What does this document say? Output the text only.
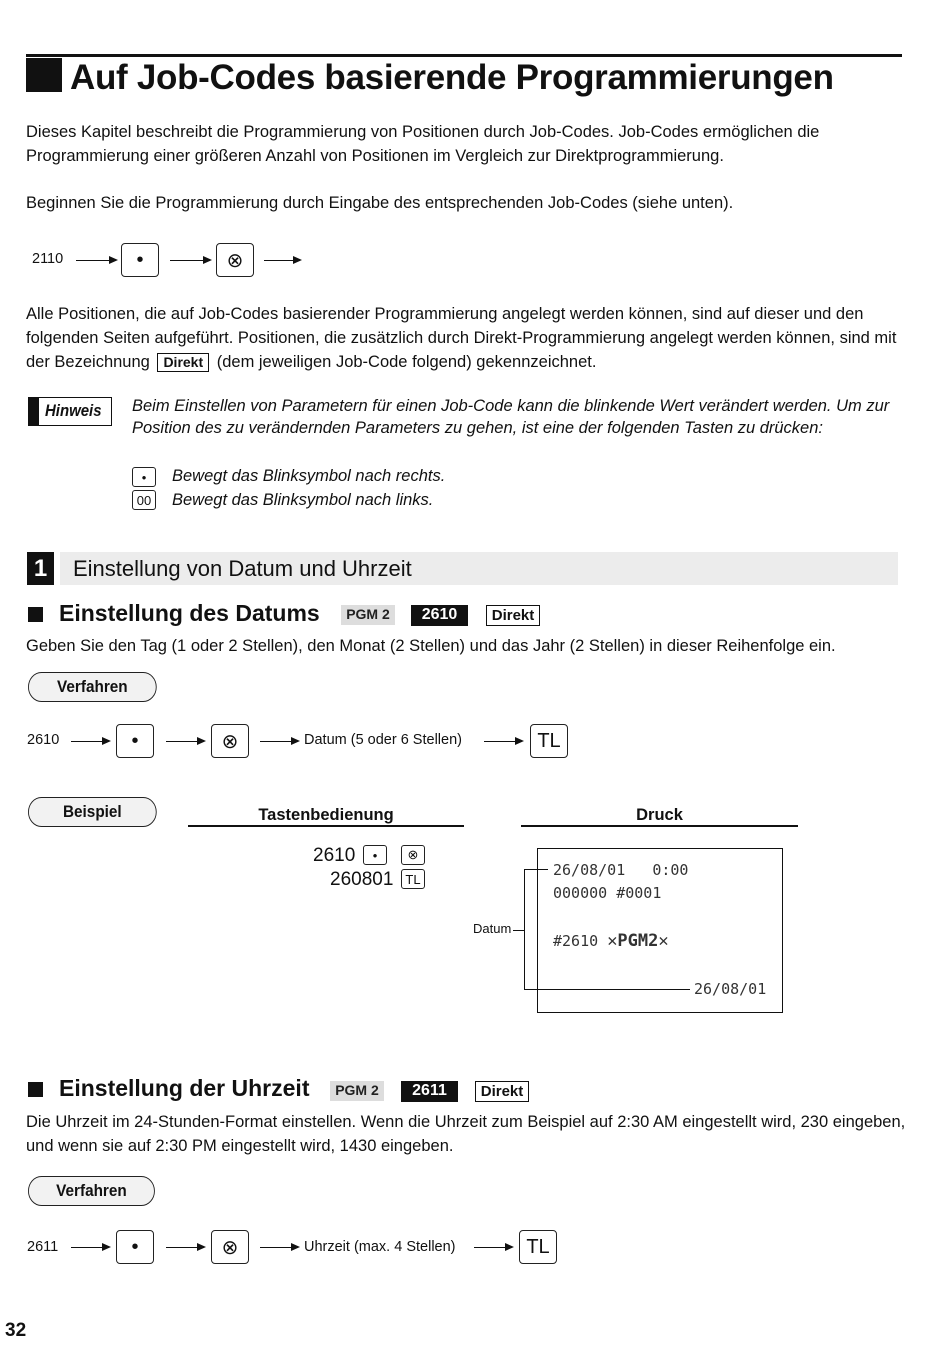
Auf Job-Codes basierende Programmierungen
Dieses Kapitel beschreibt die Programmierung von Positionen durch Job-Codes. Job-Codes ermöglichen die Programmierung einer größeren Anzahl von Positionen im Vergleich zur Direktprogrammierung.
Beginnen Sie die Programmierung durch Eingabe des entsprechenden Job-Codes (siehe unten).
2110	•	⊗
Alle Positionen, die auf Job-Codes basierender Programmierung angelegt werden können, sind auf dieser und den folgenden Seiten aufgeführt. Positionen, die zusätzlich durch Direkt-Programmierung angelegt werden können, sind mit der Bezeichnung Direkt (dem jeweiligen Job-Code folgend) gekennzeichnet.
Hinweis Beim Einstellen von Parametern für einen Job-Code kann die blinkende Wert verändert werden. Um zur Position des zu verändernden Parameters zu gehen, ist eine der folgenden Tasten zu drücken:
•	Bewegt das Blinksymbol nach rechts.
00 Bewegt das Blinksymbol nach links.
1	Einstellung von Datum und Uhrzeit
Einstellung des Datums	PGM 2	2610	Direkt
Geben Sie den Tag (1 oder 2 Stellen), den Monat (2 Stellen) und das Jahr (2 Stellen) in dieser Reihenfolge ein.
Verfahren
2610	•	⊗	Datum (5 oder 6 Stellen)	TL
Beispiel	Tastenbedienung	Druck
2610	•	⊗
260801 TL	26/08/01   0:00
000000 #0001
#2610 ✕PGM2✕
26/08/01
Datum
Einstellung der Uhrzeit	PGM 2	2611	Direkt
Die Uhrzeit im 24-Stunden-Format einstellen. Wenn die Uhrzeit zum Beispiel auf 2:30 AM eingestellt wird, 230 eingeben, und wenn sie auf 2:30 PM eingestellt wird, 1430 eingeben.
Verfahren
2611	•	⊗	Uhrzeit (max. 4 Stellen)	TL
32
